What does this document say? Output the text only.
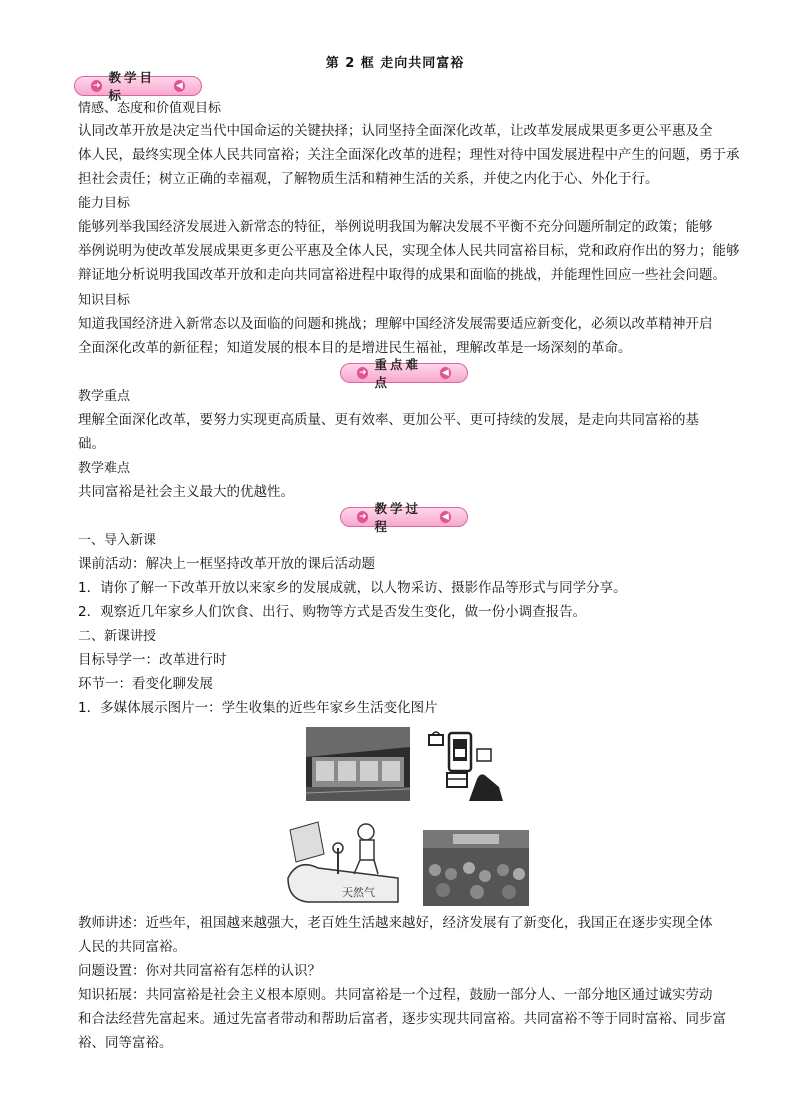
第 2 框 走向共同富裕
➜
教学目标
◀
情感、态度和价值观目标
认同改革开放是决定当代中国命运的关键抉择；认同坚持全面深化改革，让改革发展成果更多更公平惠及全
体人民，最终实现全体人民共同富裕；关注全面深化改革的进程；理性对待中国发展进程中产生的问题，勇于承
担社会责任；树立正确的幸福观，了解物质生活和精神生活的关系，并使之内化于心、外化于行。
能力目标
能够列举我国经济发展进入新常态的特征，举例说明我国为解决发展不平衡不充分问题所制定的政策；能够
举例说明为使改革发展成果更多更公平惠及全体人民，实现全体人民共同富裕目标，党和政府作出的努力；能够
辩证地分析说明我国改革开放和走向共同富裕进程中取得的成果和面临的挑战，并能理性回应一些社会问题。
知识目标
知道我国经济进入新常态以及面临的问题和挑战；理解中国经济发展需要适应新变化，必须以改革精神开启
全面深化改革的新征程；知道发展的根本目的是增进民生福祉，理解改革是一场深刻的革命。
➜
重点难点
◀
教学重点
理解全面深化改革，要努力实现更高质量、更有效率、更加公平、更可持续的发展，是走向共同富裕的基
础。
教学难点
共同富裕是社会主义最大的优越性。
➜
教学过程
◀
一、导入新课
课前活动：解决上一框坚持改革开放的课后活动题
1．请你了解一下改革开放以来家乡的发展成就，以人物采访、摄影作品等形式与同学分享。
2．观察近几年家乡人们饮食、出行、购物等方式是否发生变化，做一份小调查报告。
二、新课讲授
目标导学一：改革进行时
环节一：看变化聊发展
1．多媒体展示图片一：学生收集的近些年家乡生活变化图片
天然气
教师讲述：近些年，祖国越来越强大，老百姓生活越来越好，经济发展有了新变化，我国正在逐步实现全体
人民的共同富裕。
问题设置：你对共同富裕有怎样的认识？
知识拓展：共同富裕是社会主义根本原则。共同富裕是一个过程，鼓励一部分人、一部分地区通过诚实劳动
和合法经营先富起来。通过先富者带动和帮助后富者，逐步实现共同富裕。共同富裕不等于同时富裕、同步富
裕、同等富裕。
